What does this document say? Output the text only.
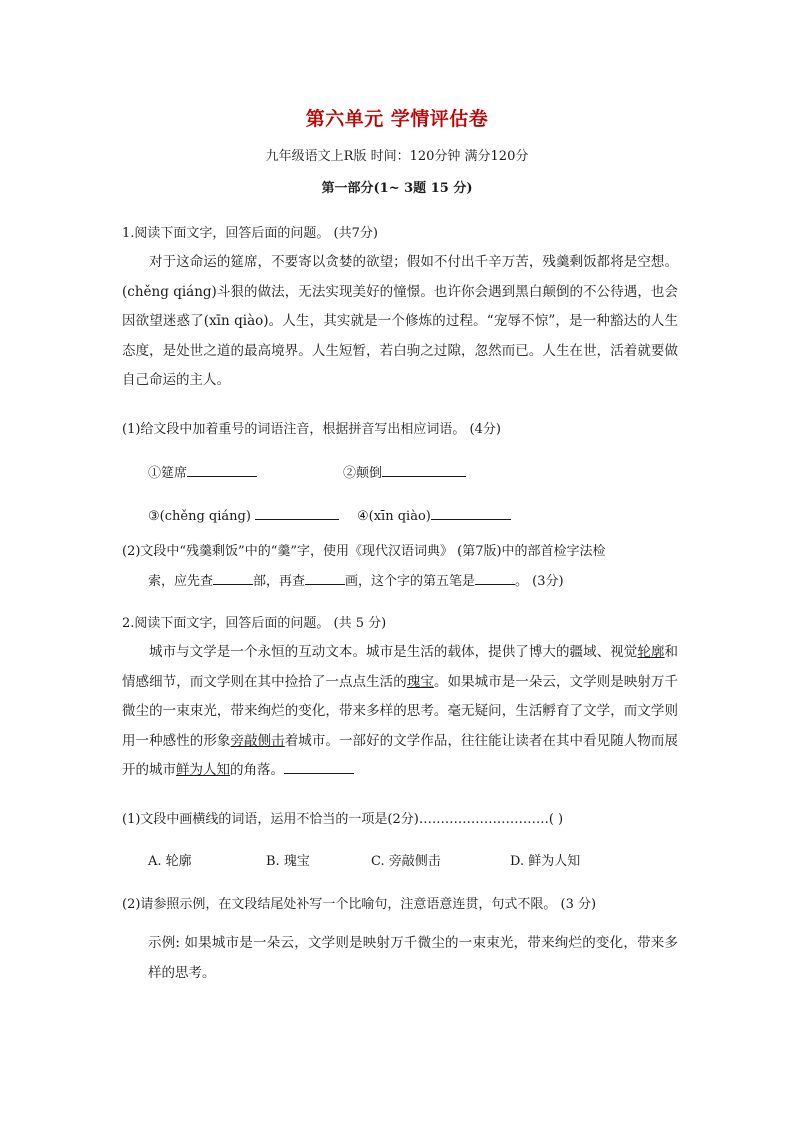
第六单元 学情评估卷
九年级语文上R版 时间：120分钟 满分120分
第一部分(1~ 3题 15 分)
1.阅读下面文字，回答后面的问题。 (共7分)
对于这命运的筵席，不要寄以贪婪的欲望；假如不付出千辛万苦，残羹剩饭都将是空想。(chěng qiáng)斗狠的做法，无法实现美好的憧憬。也许你会遇到黑白颠倒的不公待遇，也会因欲望迷惑了(xīn qiào)。人生，其实就是一个修炼的过程。“宠辱不惊”，是一种豁达的人生态度，是处世之道的最高境界。人生短暂，若白驹之过隙，忽然而已。人生在世，活着就要做自己命运的主人。
(1)给文段中加着重号的词语注音，根据拼音写出相应词语。 (4分)
①筵席	②颠倒
③(chěng qiáng)	④(xīn qiào)
(2)文段中“残羹剩饭”中的“羹”字，使用《现代汉语词典》 (第7版)中的部首检字法检
索，应先查	部，再查	画，这个字的第五笔是	。 (3分)
2.阅读下面文字，回答后面的问题。 (共 5 分)
城市与文学是一个永恒的互动文本。城市是生活的载体，提供了博大的疆域、视觉轮廓和情感细节，而文学则在其中捡拾了一点点生活的瑰宝。如果城市是一朵云，文学则是映射万千微尘的一束束光，带来绚烂的变化，带来多样的思考。毫无疑问，生活孵育了文学，而文学则用一种感性的形象旁敲侧击着城市。一部好的文学作品，往往能让读者在其中看见随人物而展开的城市鲜为人知的角落。
(1)文段中画横线的词语，运用不恰当的一项是(2分)…………………………( )
A. 轮廓	B. 瑰宝	C. 旁敲侧击	D. 鲜为人知
(2)请参照示例，在文段结尾处补写一个比喻句，注意语意连贯，句式不限。 (3 分)
示例: 如果城市是一朵云，文学则是映射万千微尘的一束束光，带来绚烂的变化，带来多样的思考。
